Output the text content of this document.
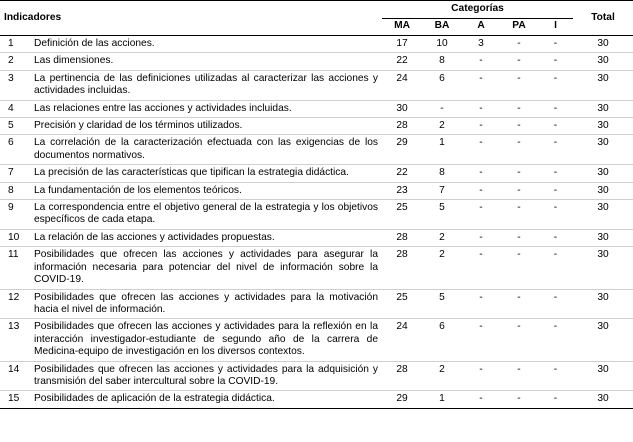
Indicadores		Categorías					Total
		MA	BA	A	PA	I	
1	Definición de las acciones.	17	10	3	-	-	30
2	Las dimensiones.	22	8	-	-	-	30
3	La pertinencia de las definiciones utilizadas al caracterizar las acciones y actividades incluidas.	24	6	-	-	-	30
4	Las relaciones entre las acciones y actividades incluidas.	30	-	-	-	-	30
5	Precisión y claridad de los términos utilizados.	28	2	-	-	-	30
6	La correlación de la caracterización efectuada con las exigencias de los documentos normativos.	29	1	-	-	-	30
7	La precisión de las características que tipifican la estrategia didáctica.	22	8	-	-	-	30
8	La fundamentación de los elementos teóricos.	23	7	-	-	-	30
9	La correspondencia entre el objetivo general de la estrategia y los objetivos específicos de cada etapa.	25	5	-	-	-	30
10	La relación de las acciones y actividades propuestas.	28	2	-	-	-	30
11	Posibilidades que ofrecen las acciones y actividades para asegurar la información necesaria para potenciar del nivel de información sobre la COVID-19.	28	2	-	-	-	30
12	Posibilidades que ofrecen las acciones y actividades para la motivación hacia el nivel de información.	25	5	-	-	-	30
13	Posibilidades que ofrecen las acciones y actividades para la reflexión en la interacción investigador-estudiante de segundo año de la carrera de Medicina-equipo de investigación en los diversos contextos.	24	6	-	-	-	30
14	Posibilidades que ofrecen las acciones y actividades para la adquisición y transmisión del saber intercultural sobre la COVID-19.	28	2	-	-	-	30
15	Posibilidades de aplicación de la estrategia didáctica.	29	1	-	-	-	30
